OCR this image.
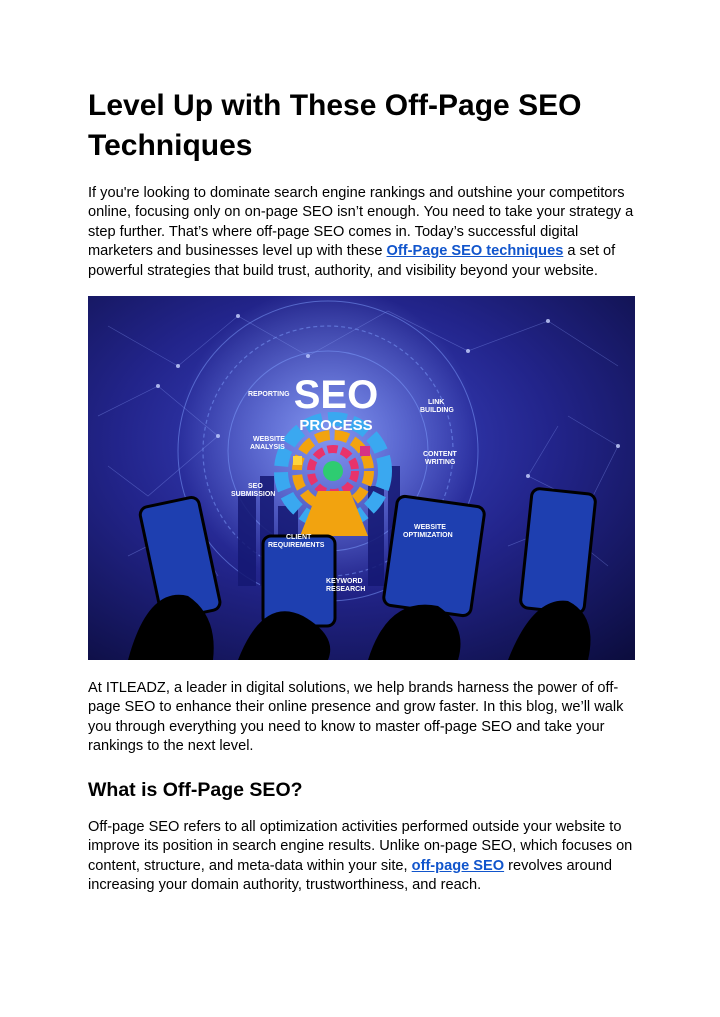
Level Up with These Off-Page SEO Techniques

If you're looking to dominate search engine rankings and outshine your competitors online, focusing only on on-page SEO isn’t enough. You need to take your strategy a step further. That’s where off-page SEO comes in. Today’s successful digital marketers and businesses level up with these Off-Page SEO techniques a set of powerful strategies that build trust, authority, and visibility beyond your website.

SEO
PROCESS
REPORTING
LINK
BUILDING
WEBSITE
ANALYSIS
CONTENT
WRITING
SEO
SUBMISSION
WEBSITE
OPTIMIZATION
CLIENT
REQUIREMENTS
KEYWORD
RESEARCH

At ITLEADZ, a leader in digital solutions, we help brands harness the power of off-page SEO to enhance their online presence and grow faster. In this blog, we’ll walk you through everything you need to know to master off-page SEO and take your rankings to the next level.

What is Off-Page SEO?

Off-page SEO refers to all optimization activities performed outside your website to improve its position in search engine results. Unlike on-page SEO, which focuses on content, structure, and meta-data within your site, off-page SEO revolves around increasing your domain authority, trustworthiness, and reach.
